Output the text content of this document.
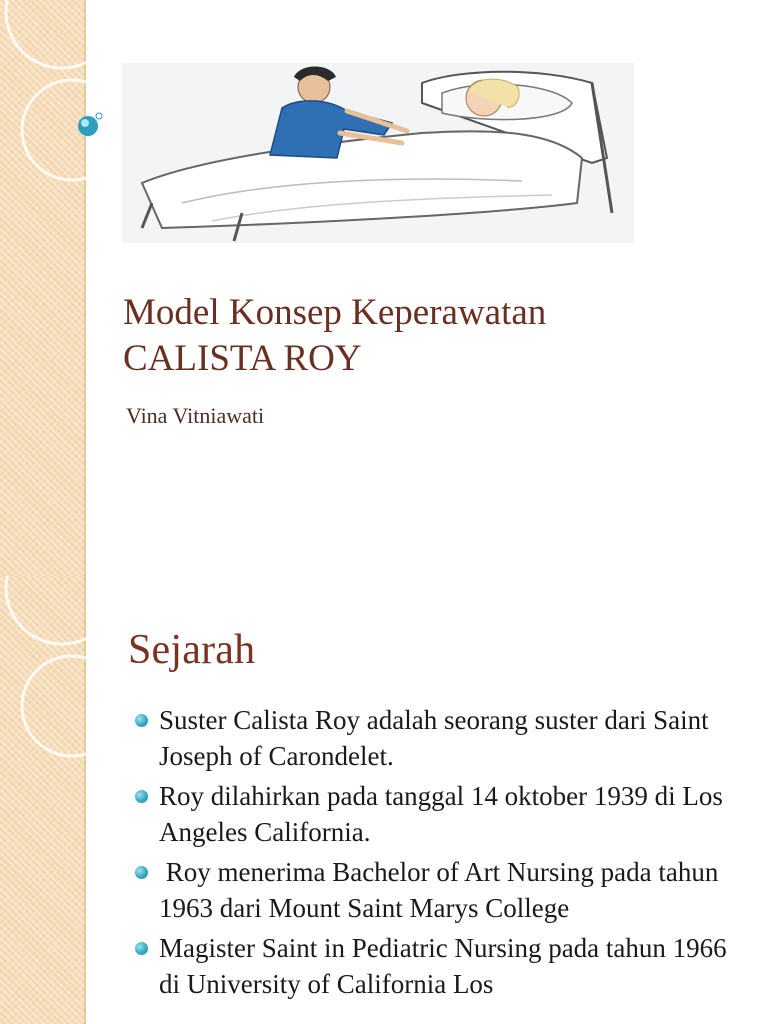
Model Konsep Keperawatan
CALISTA ROY
Vina Vitniawati
Sejarah
Suster Calista Roy adalah seorang suster dari Saint Joseph of Carondelet.
Roy dilahirkan pada tanggal 14 oktober 1939 di Los Angeles California.
Roy menerima Bachelor of Art Nursing pada tahun 1963 dari Mount Saint Marys College
Magister Saint in Pediatric Nursing pada tahun 1966 di University of California Los
